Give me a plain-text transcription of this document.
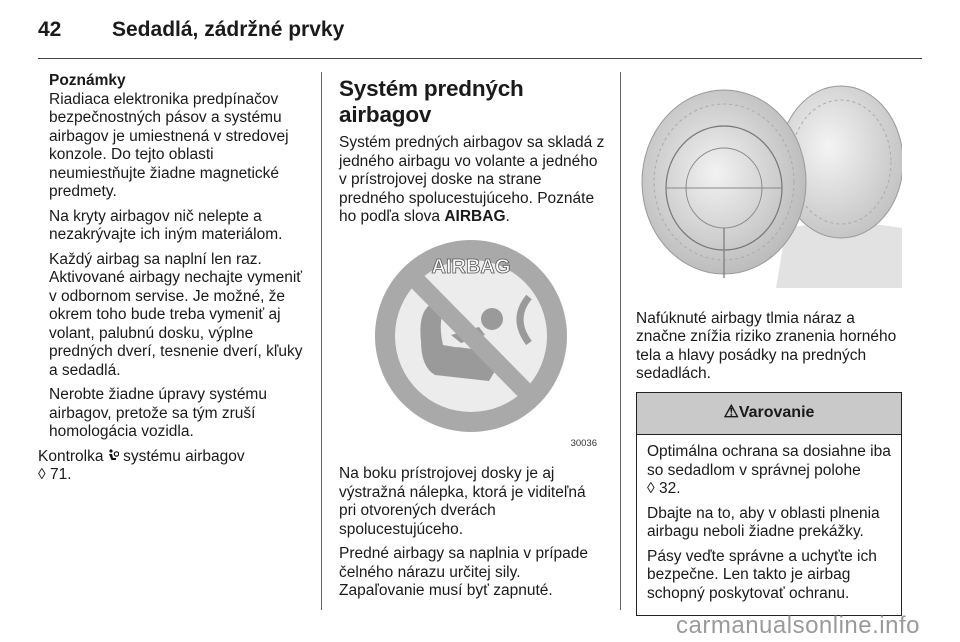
42 Sedadlá, zádržné prvky
Poznámky

Riadiaca elektronika predpínačov bezpečnostných pásov a systému airbagov je umiestnená v stredovej konzole. Do tejto oblasti neumiestňujte žiadne magnetické predmety.

Na kryty airbagov nič nelepte a nezakrývajte ich iným materiálom.

Každý airbag sa naplní len raz. Aktivované airbagy nechajte vymeniť v odbornom servise. Je možné, že okrem toho bude treba vymeniť aj volant, palubnú dosku, výplne predných dverí, tesnenie dverí, kľuky a sedadlá.

Nerobte žiadne úpravy systému airbagov, pretože sa tým zruší homologácia vozidla.

Kontrolka systému airbagov
◊ 71.

Systém predných airbagov

Systém predných airbagov sa skladá z jedného airbagu vo volante a jedného v prístrojovej doske na strane predného spolucestujúceho. Poznáte ho podľa slova AIRBAG.

AIRBAG
30036

Na boku prístrojovej dosky je aj výstražná nálepka, ktorá je viditeľná pri otvorených dverách spolucestujúceho.

Predné airbagy sa naplnia v prípade čelného nárazu určitej sily. Zapaľovanie musí byť zapnuté.

Nafúknuté airbagy tlmia náraz a značne znížia riziko zranenia horného tela a hlavy posádky na predných sedadlách.

⚠Varovanie

Optimálna ochrana sa dosiahne iba so sedadlom v správnej polohe
◊ 32.

Dbajte na to, aby v oblasti plnenia airbagu neboli žiadne prekážky.

Pásy veďte správne a uchyťte ich bezpečne. Len takto je airbag schopný poskytovať ochranu.

carmanualsonline.info
